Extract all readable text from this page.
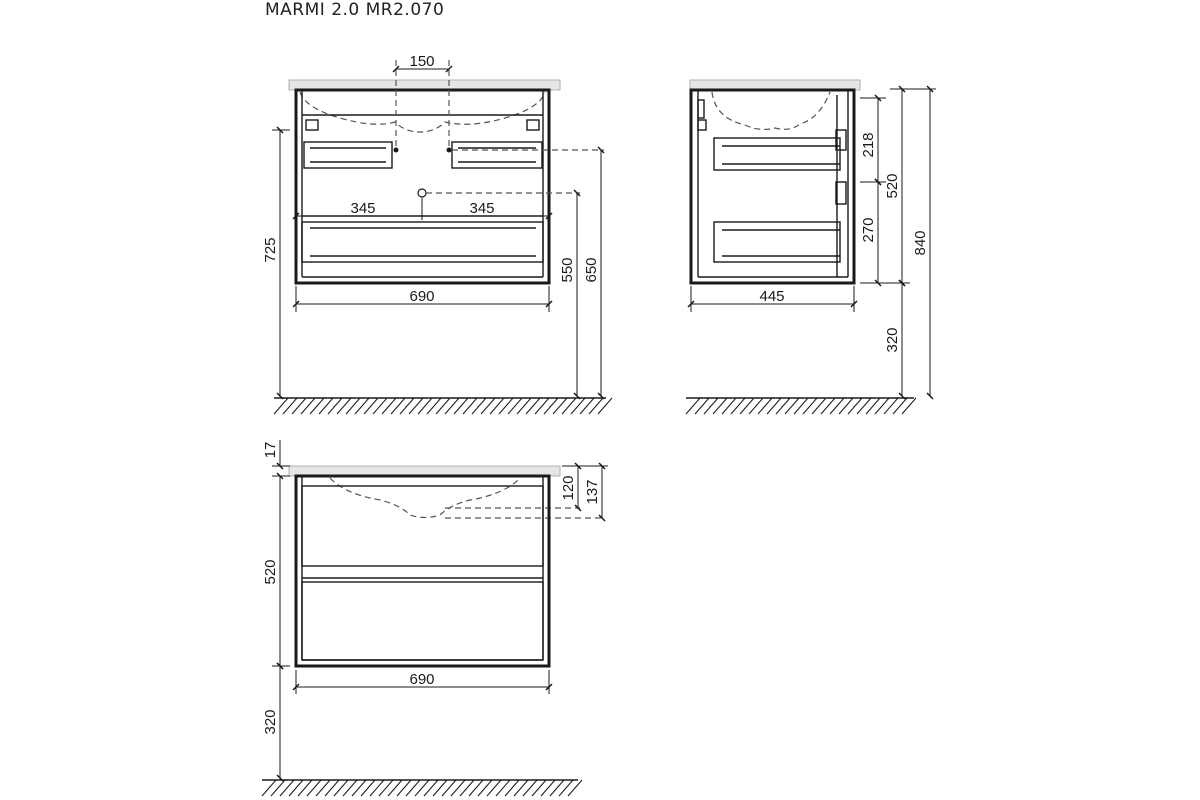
MARMI 2.0 MR2.070
150
345	345
690
725
550 650
445
218
270
520
320
840
17
520
320
690
120 137
